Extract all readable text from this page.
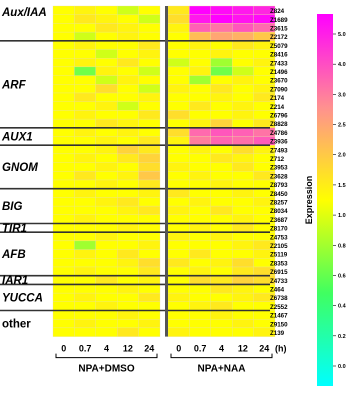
Aux/IAA
ARF
AUX1
GNOM
BIG
TIR1
AFB
IAR1
YUCCA
other
Z824
Z1689
Z3615
Z2172
Z5079
Z8416
Z7433
Z1496
Z3670
Z7090
Z174
Z214
Z6796
Z8828
Z4786
Z3936
Z7493
Z712
Z3953
Z3628
Z8793
Z8450
Z8257
Z8034
Z3687
Z8170
Z4753
Z2105
Z5119
Z8353
Z6915
Z4733
Z464
Z6738
Z2552
Z1467
Z9150
Z139
0 0.7 4 12 24
NPA+DMSO
0 0.7 4 12 24
NPA+NAA
(h)
5.0
4.0
3.0
2.5
2.0
1.5
1.0
0.8
0.6
0.4
0.2
0.0
Expression
